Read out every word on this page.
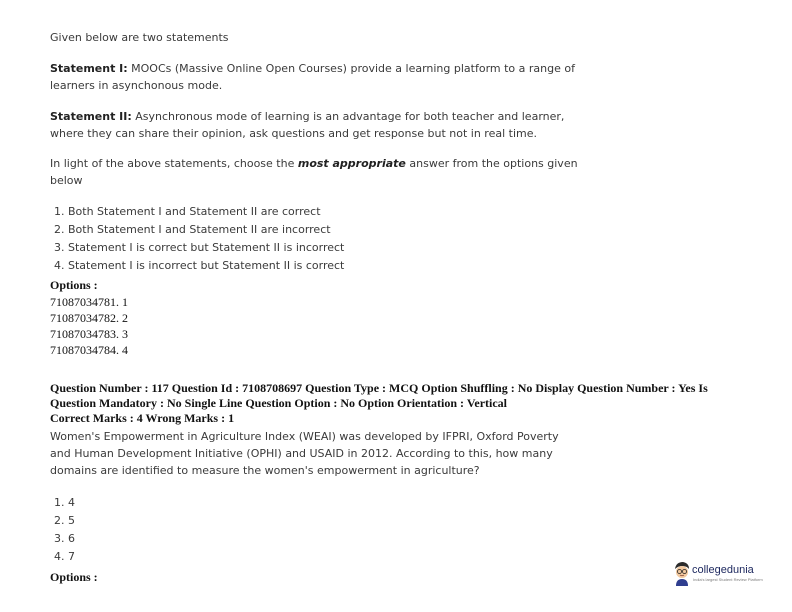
Given below are two statements
Statement I: MOOCs (Massive Online Open Courses) provide a learning platform to a range of
learners in asynchonous mode.
Statement II: Asynchronous mode of learning is an advantage for both teacher and learner,
where they can share their opinion, ask questions and get response but not in real time.
In light of the above statements, choose the most appropriate answer from the options given
below
1. Both Statement I and Statement II are correct
2. Both Statement I and Statement II are incorrect
3. Statement I is correct but Statement II is incorrect
4. Statement I is incorrect but Statement II is correct
Options :
71087034781. 1
71087034782. 2
71087034783. 3
71087034784. 4
Question Number : 117 Question Id : 7108708697 Question Type : MCQ Option Shuffling : No Display Question Number : Yes Is
Question Mandatory : No Single Line Question Option : No Option Orientation : Vertical
Correct Marks : 4 Wrong Marks : 1
Women's Empowerment in Agriculture Index (WEAI) was developed by IFPRI, Oxford Poverty
and Human Development Initiative (OPHI) and USAID in 2012. According to this, how many
domains are identified to measure the women's empowerment in agriculture?
1. 4
2. 5
3. 6
4. 7
Options :	collegedunia
India's largest Student Review Platform
